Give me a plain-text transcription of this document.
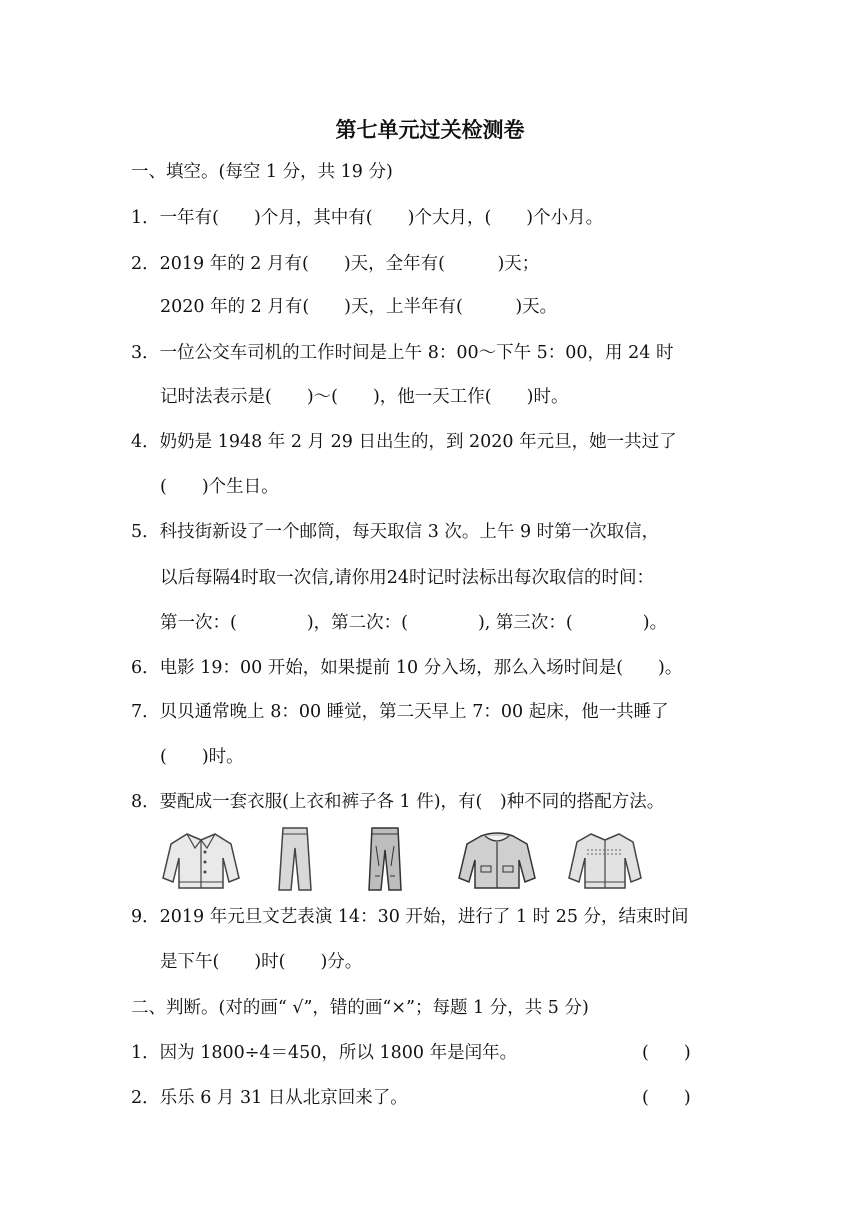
第七单元过关检测卷
一、填空。(每空 1 分，共 19 分)
1．一年有(　　)个月，其中有(　　)个大月，(　　)个小月。
2．2019 年的 2 月有(　　)天，全年有(　　　)天；
2020 年的 2 月有(　　)天，上半年有(　　　)天。
3．一位公交车司机的工作时间是上午 8：00～下午 5：00，用 24 时
记时法表示是(　　)～(　　)，他一天工作(　　)时。
4．奶奶是 1948 年 2 月 29 日出生的，到 2020 年元旦，她一共过了
(　　)个生日。
5．科技街新设了一个邮筒，每天取信 3 次。上午 9 时第一次取信，
以后每隔4时取一次信,请你用24时记时法标出每次取信的时间：
第一次：(　　　　)，第二次：(　　　　), 第三次：(　　　　)。
6．电影 19：00 开始，如果提前 10 分入场，那么入场时间是(　　)。
7．贝贝通常晚上 8：00 睡觉，第二天早上 7：00 起床，他一共睡了
(　　)时。
8．要配成一套衣服(上衣和裤子各 1 件)，有(　)种不同的搭配方法。
9．2019 年元旦文艺表演 14：30 开始，进行了 1 时 25 分，结束时间
是下午(　　)时(　　)分。
二、判断。(对的画“ √”，错的画“×”；每题 1 分，共 5 分)
1．因为 1800÷4＝450，所以 1800 年是闰年。	(　　)
2．乐乐 6 月 31 日从北京回来了。	(　　)
